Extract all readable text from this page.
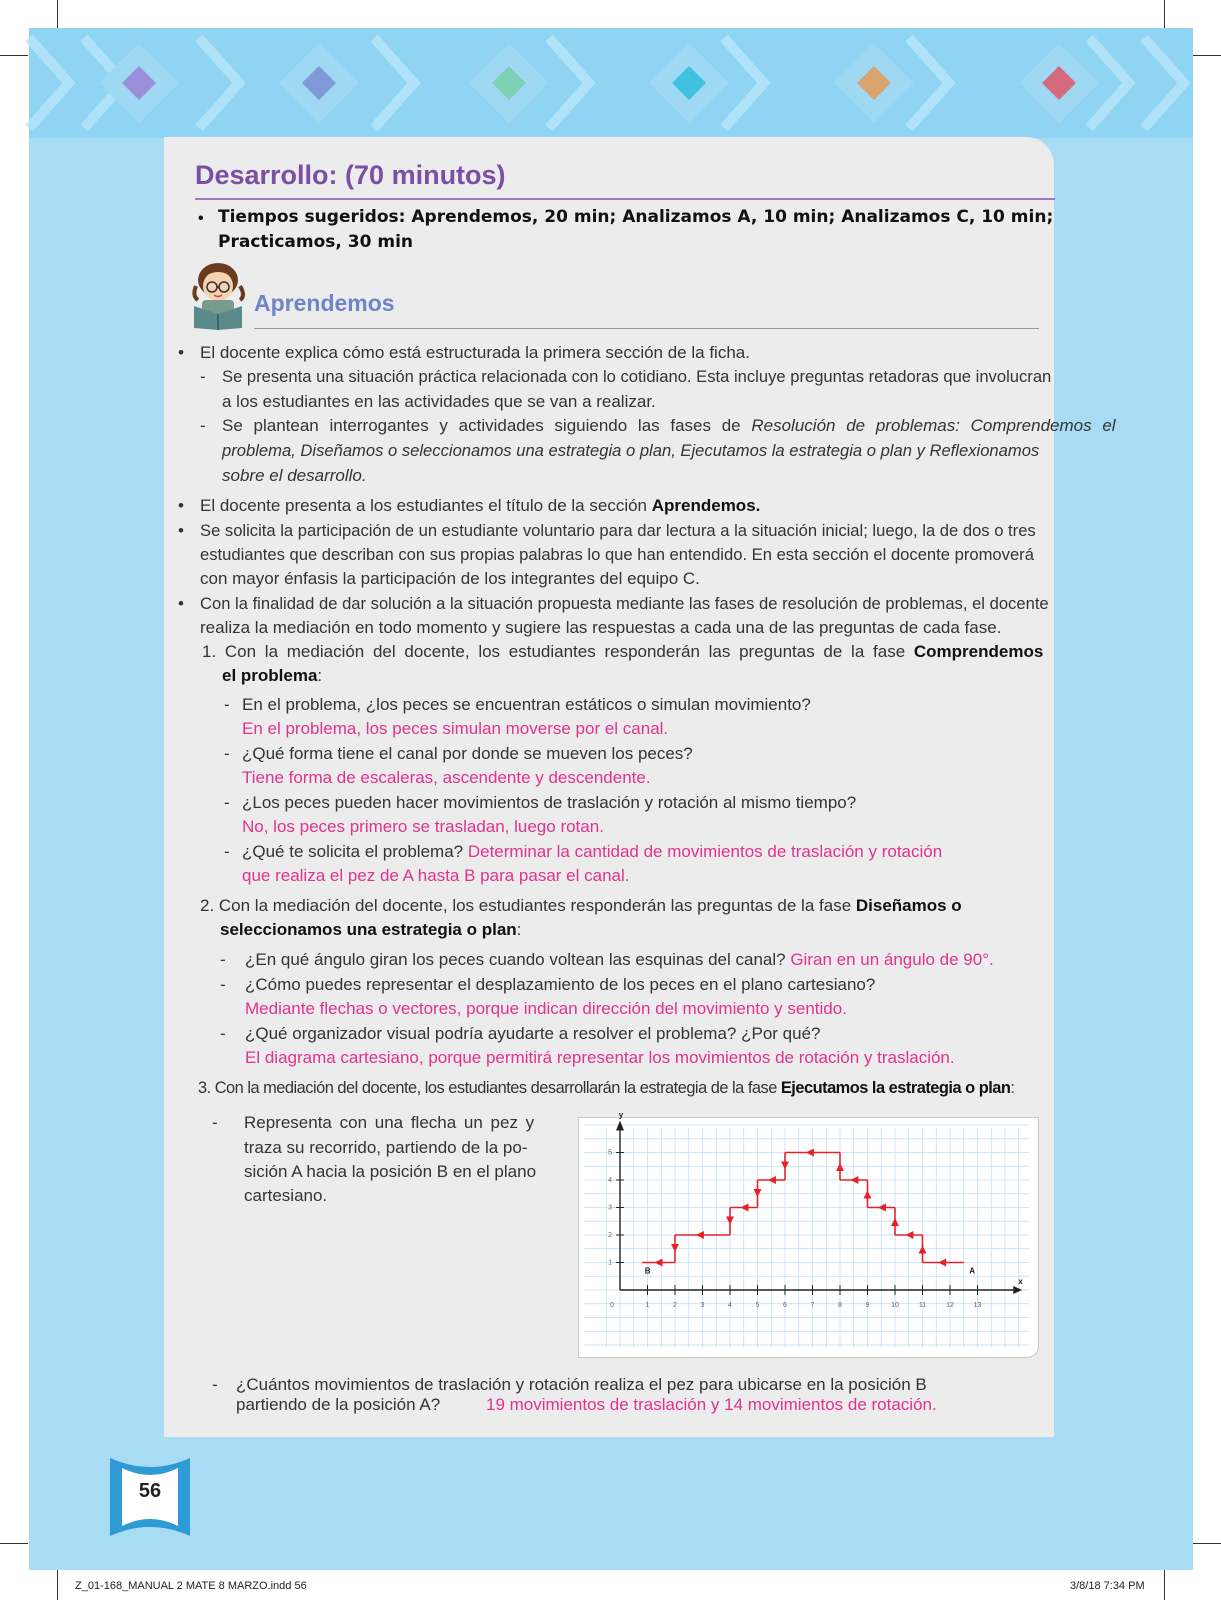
Desarrollo: (70 minutos)
• Tiempos sugeridos: Aprendemos, 20 min; Analizamos A, 10 min; Analizamos C, 10 min;
Practicamos, 30 min
Aprendemos
• El docente explica cómo está estructurada la primera sección de la ficha.
- Se presenta una situación práctica relacionada con lo cotidiano. Esta incluye preguntas retadoras que involucran
a los estudiantes en las actividades que se van a realizar.
- Se plantean interrogantes y actividades siguiendo las fases de Resolución de problemas: Comprendemos el
problema, Diseñamos o seleccionamos una estrategia o plan, Ejecutamos la estrategia o plan y Reflexionamos
sobre el desarrollo.
• El docente presenta a los estudiantes el título de la sección Aprendemos.
• Se solicita la participación de un estudiante voluntario para dar lectura a la situación inicial; luego, la de dos o tres
estudiantes que describan con sus propias palabras lo que han entendido. En esta sección el docente promoverá
con mayor énfasis la participación de los integrantes del equipo C.
• Con la finalidad de dar solución a la situación propuesta mediante las fases de resolución de problemas, el docente
realiza la mediación en todo momento y sugiere las respuestas a cada una de las preguntas de cada fase.
1. Con la mediación del docente, los estudiantes responderán las preguntas de la fase Comprendemos
el problema:
- En el problema, ¿los peces se encuentran estáticos o simulan movimiento?
En el problema, los peces simulan moverse por el canal.
- ¿Qué forma tiene el canal por donde se mueven los peces?
Tiene forma de escaleras, ascendente y descendente.
- ¿Los peces pueden hacer movimientos de traslación y rotación al mismo tiempo?
No, los peces primero se trasladan, luego rotan.
- ¿Qué te solicita el problema? Determinar la cantidad de movimientos de traslación y rotación
que realiza el pez de A hasta B para pasar el canal.
2. Con la mediación del docente, los estudiantes responderán las preguntas de la fase Diseñamos o
seleccionamos una estrategia o plan:
- ¿En qué ángulo giran los peces cuando voltean las esquinas del canal? Giran en un ángulo de 90°.
- ¿Cómo puedes representar el desplazamiento de los peces en el plano cartesiano?
Mediante flechas o vectores, porque indican dirección del movimiento y sentido.
- ¿Qué organizador visual podría ayudarte a resolver el problema? ¿Por qué?
El diagrama cartesiano, porque permitirá representar los movimientos de rotación y traslación.
3. Con la mediación del docente, los estudiantes desarrollarán la estrategia de la fase Ejecutamos la estrategia o plan:
- Representa con una flecha un pez y
traza su recorrido, partiendo de la po-
sición A hacia la posición B en el plano
cartesiano.
1	2	3	4	5	6	7	8	9	10	11	12	13
1
2
3
4
5
0
x
y
A
B
- ¿Cuántos movimientos de traslación y rotación realiza el pez para ubicarse en la posición B
partiendo de la posición A?	19 movimientos de traslación y 14 movimientos de rotación.
56
Z_01-168_MANUAL 2 MATE 8 MARZO.indd 56	3/8/18 7:34 PM
